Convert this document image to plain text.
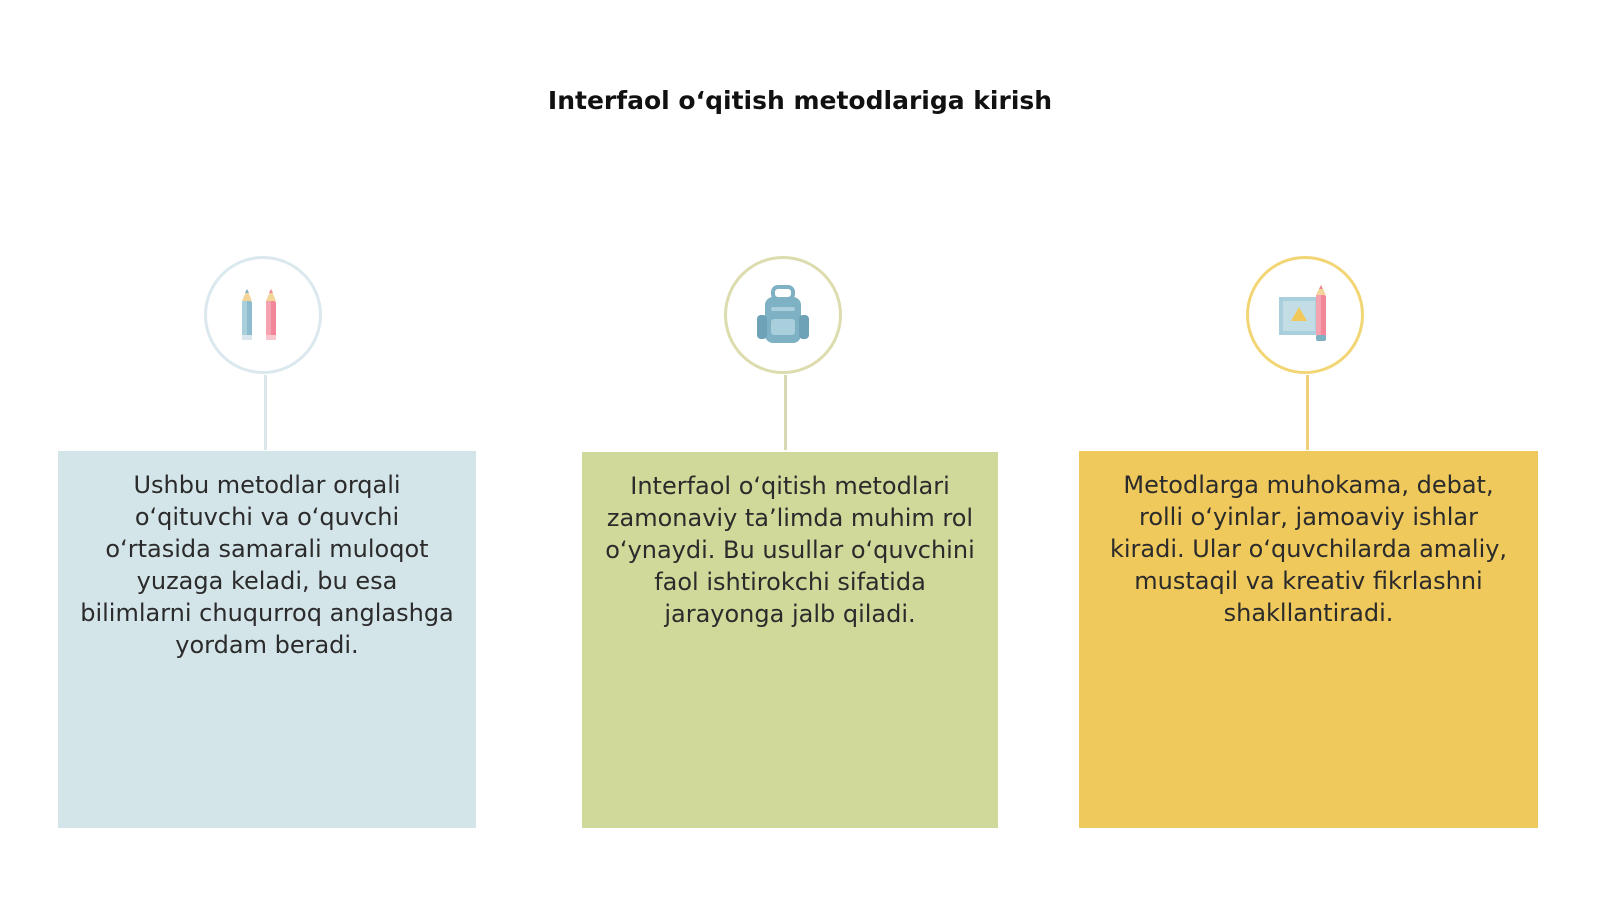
Interfaol o‘qitish metodlariga kirish
Ushbu metodlar orqali o‘qituvchi va o‘quvchi o‘rtasida samarali muloqot yuzaga keladi, bu esa bilimlarni chuqurroq anglashga yordam beradi.
Interfaol o‘qitish metodlari zamonaviy ta’limda muhim rol o‘ynaydi. Bu usullar o‘quvchini faol ishtirokchi sifatida jarayonga jalb qiladi.
Metodlarga muhokama, debat, rolli o‘yinlar, jamoaviy ishlar kiradi. Ular o‘quvchilarda amaliy, mustaqil va kreativ fikrlashni shakllantiradi.
